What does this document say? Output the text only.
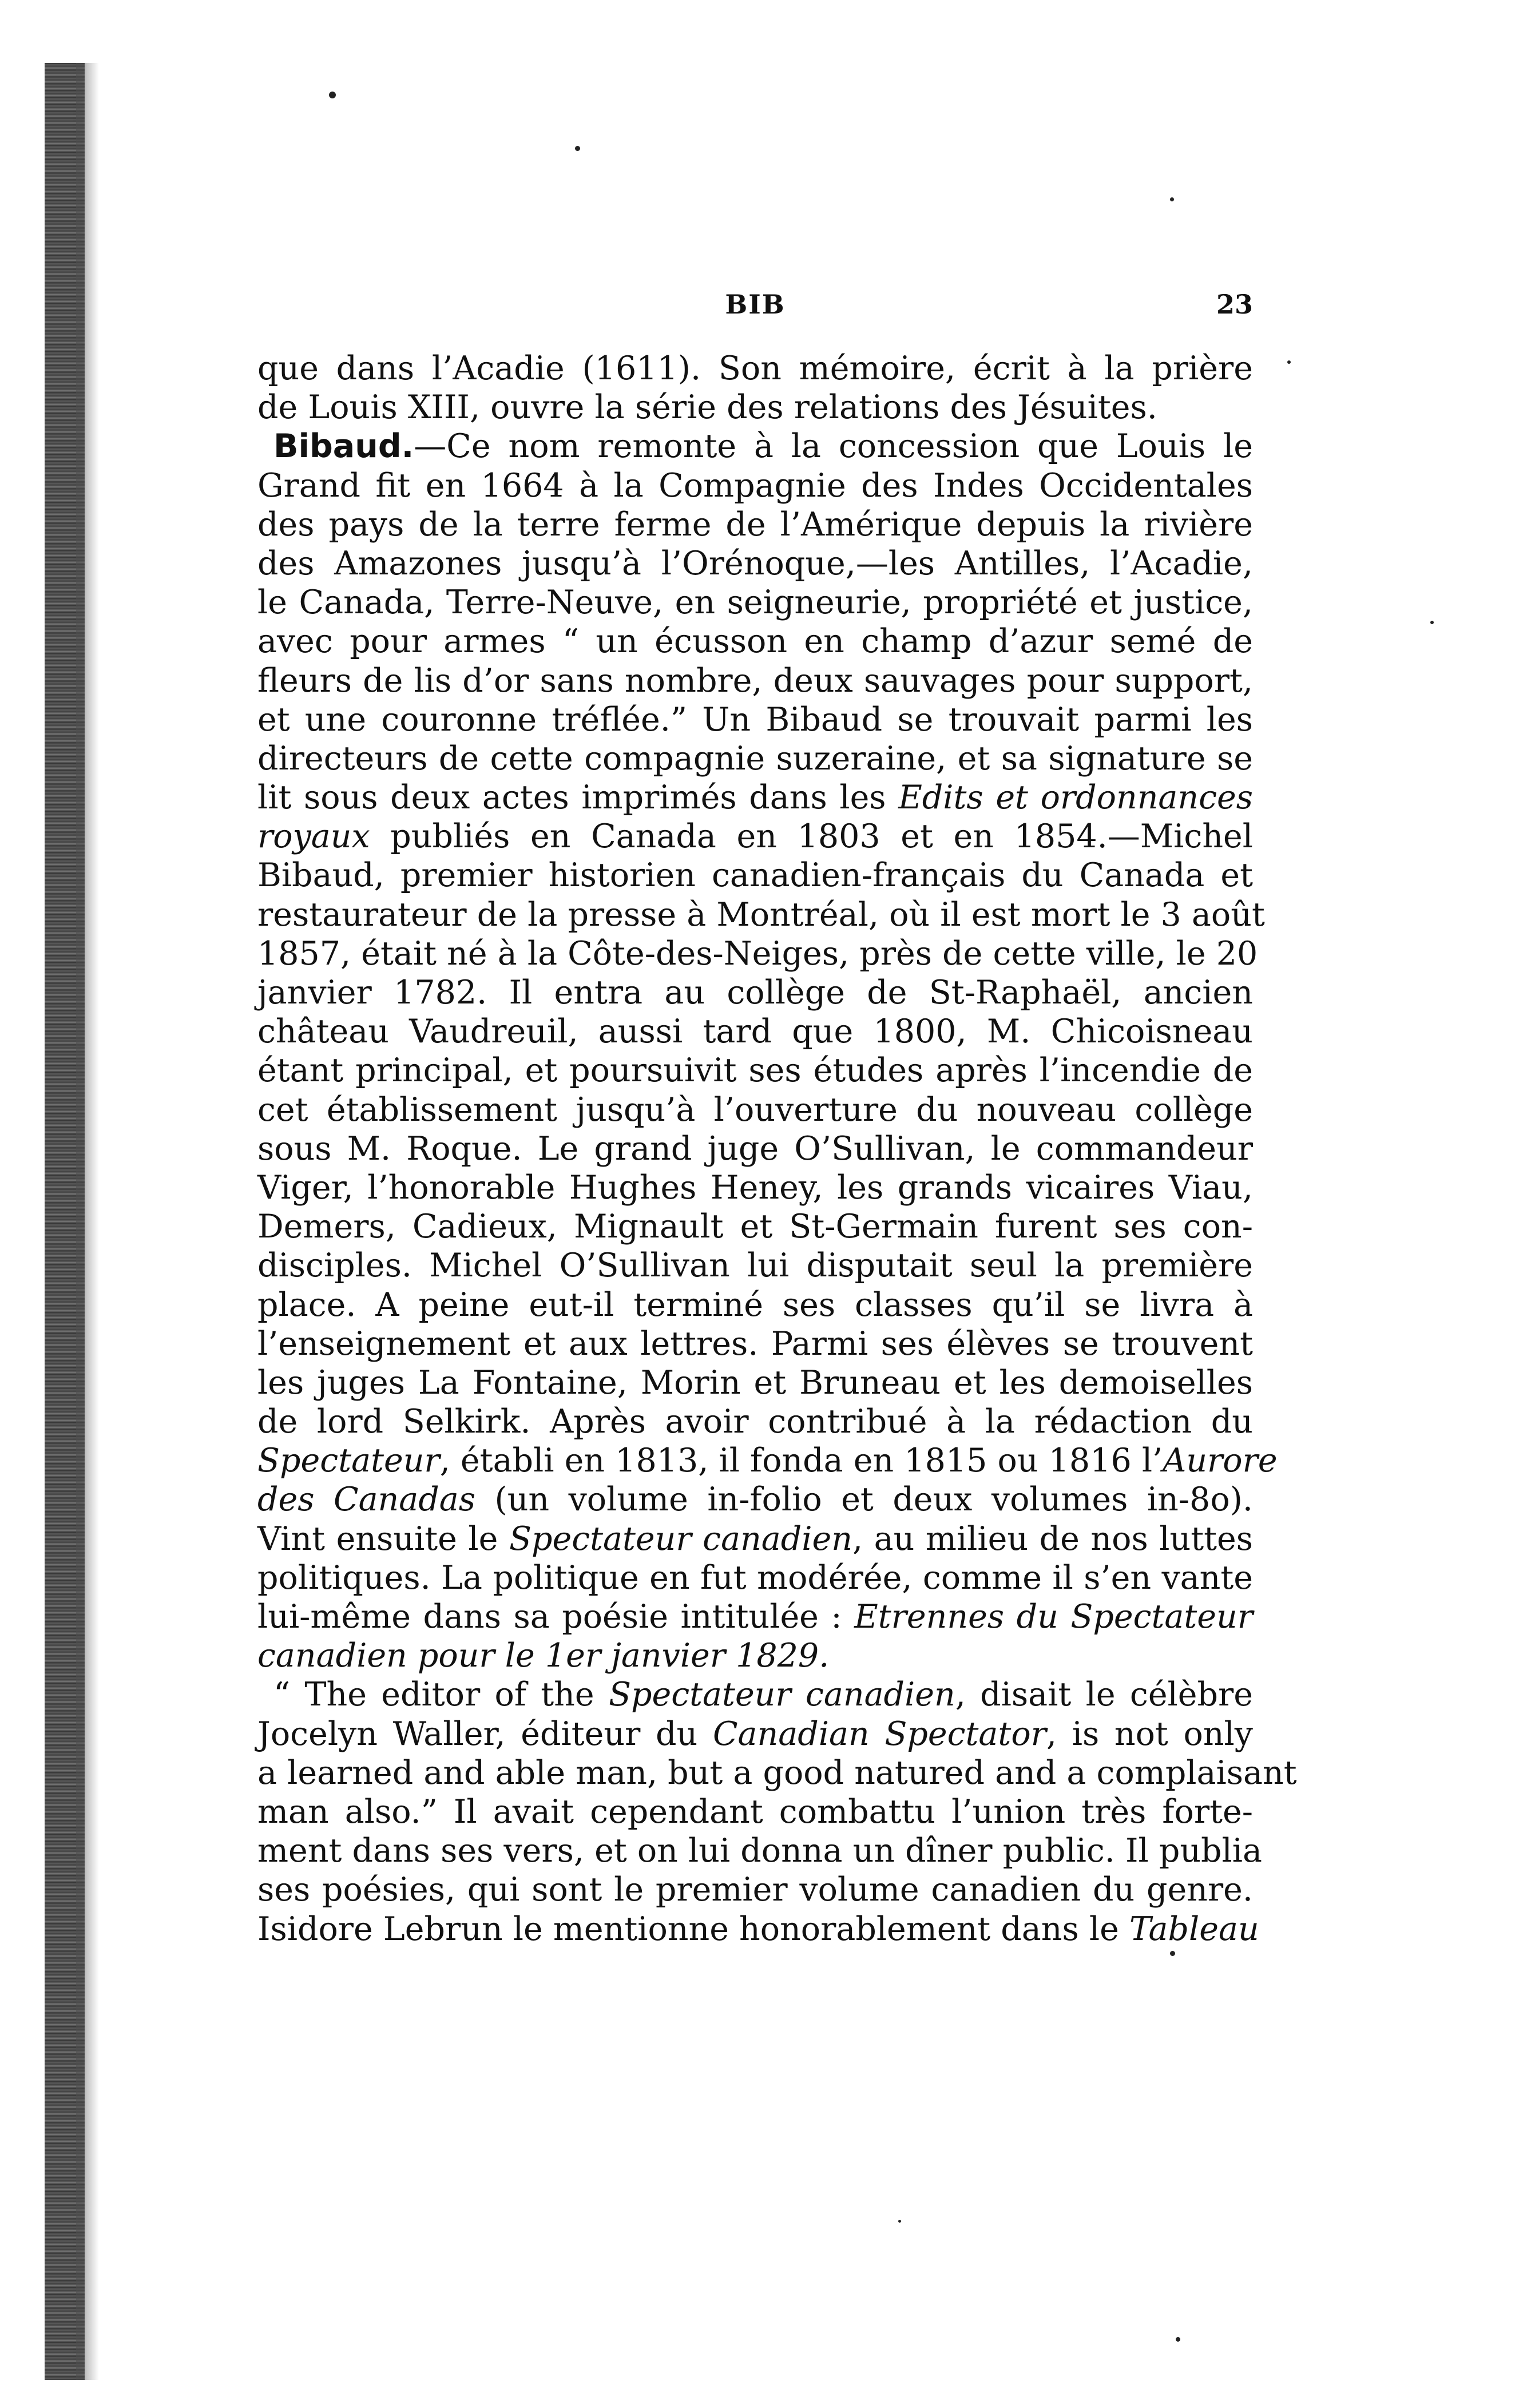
BIB	23
que dans l’Acadie (1611). Son mémoire, écrit à la prière
de Louis XIII, ouvre la série des relations des Jésuites.
Bibaud.—Ce nom remonte à la concession que Louis le
Grand fit en 1664 à la Compagnie des Indes Occidentales
des pays de la terre ferme de l’Amérique depuis la rivière
des Amazones jusqu’à l’Orénoque,—les Antilles, l’Acadie,
le Canada, Terre-Neuve, en seigneurie, propriété et justice,
avec pour armes “ un écusson en champ d’azur semé de
fleurs de lis d’or sans nombre, deux sauvages pour support,
et une couronne tréflée.” Un Bibaud se trouvait parmi les
directeurs de cette compagnie suzeraine, et sa signature se
lit sous deux actes imprimés dans les Edits et ordonnances
royaux publiés en Canada en 1803 et en 1854.—Michel
Bibaud, premier historien canadien-français du Canada et
restaurateur de la presse à Montréal, où il est mort le 3 août
1857, était né à la Côte-des-Neiges, près de cette ville, le 20
janvier 1782. Il entra au collège de St-Raphaël, ancien
château Vaudreuil, aussi tard que 1800, M. Chicoisneau
étant principal, et poursuivit ses études après l’incendie de
cet établissement jusqu’à l’ouverture du nouveau collège
sous M. Roque. Le grand juge O’Sullivan, le commandeur
Viger, l’honorable Hughes Heney, les grands vicaires Viau,
Demers, Cadieux, Mignault et St-Germain furent ses con-
disciples. Michel O’Sullivan lui disputait seul la première
place. A peine eut-il terminé ses classes qu’il se livra à
l’enseignement et aux lettres. Parmi ses élèves se trouvent
les juges La Fontaine, Morin et Bruneau et les demoiselles
de lord Selkirk. Après avoir contribué à la rédaction du
Spectateur, établi en 1813, il fonda en 1815 ou 1816 l’Aurore
des Canadas (un volume in-folio et deux volumes in-8o).
Vint ensuite le Spectateur canadien, au milieu de nos luttes
politiques. La politique en fut modérée, comme il s’en vante
lui-même dans sa poésie intitulée : Etrennes du Spectateur
canadien pour le 1er janvier 1829.
“ The editor of the Spectateur canadien, disait le célèbre
Jocelyn Waller, éditeur du Canadian Spectator, is not only
a learned and able man, but a good natured and a complaisant
man also.” Il avait cependant combattu l’union très forte-
ment dans ses vers, et on lui donna un dîner public. Il publia
ses poésies, qui sont le premier volume canadien du genre.
Isidore Lebrun le mentionne honorablement dans le Tableau
